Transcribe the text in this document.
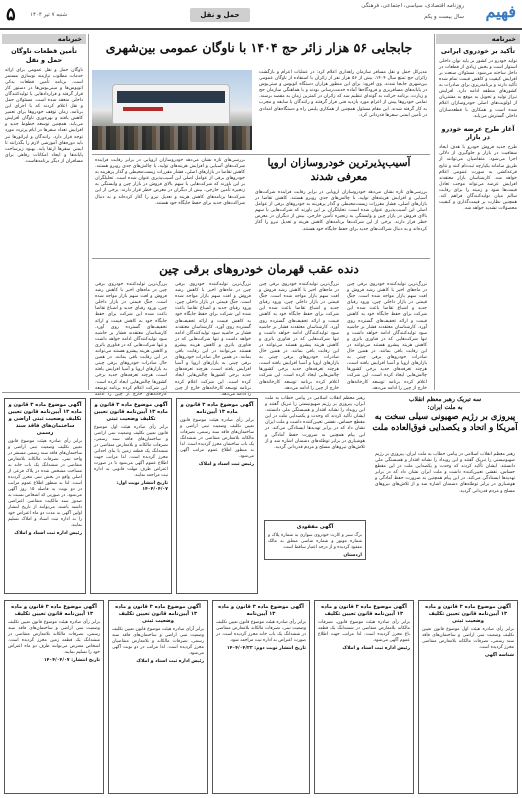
فهیم
روزنامه اقتصادی، سیاسی، اجتماعی، فرهنگی
سال بیست و یکم
حمل و نقل
شنبه ۷ تیر ۱۴۰۴
۵
خبرنامه
تأکید بر خودروی ایرانی
تولید خودرو در کشور بر پایه توان داخلی استوار است و بخش زیادی از قطعات در داخل ساخته می‌شود. مسئولان صنعت بر افزایش کیفیت و کاهش قیمت تمام شده تأکید دارند و برنامه‌ریزی برای صادرات به کشورهای منطقه ادامه دارد. افزایش تیراژ تولید و تحویل به موقع به مشتریان از اولویت‌های اصلی خودروسازان اعلام شده است و همکاری با قطعه‌سازان داخلی گسترش می‌یابد.
آغاز طرح عرضه خودرو در بازار
طرح جدید فروش خودرو با هدف ایجاد شفافیت در بازار و جلوگیری از دلالی اجرا می‌شود. متقاضیان می‌توانند از طریق سامانه یکپارچه ثبت‌نام کنند و نتایج قرعه‌کشی به صورت عمومی اعلام خواهد شد. کارشناسان بازار معتقدند افزایش عرضه می‌تواند موجب تعادل قیمت‌ها شود و زمینه را برای رقابت سالم میان تولیدکنندگان فراهم کند. همچنین نظارت بر قیمت‌گذاری و کیفیت محصولات تشدید خواهد شد.
خبرنامه
تأمین قطعات ناوگان حمل و نقل
ناوگان حمل و نقل عمومی برای ارائه خدمات مطلوب نیازمند نوسازی مستمر است. برنامه تأمین قطعات یدکی اتوبوس‌ها و مینی‌بوس‌ها در دستور کار قرار گرفته و قراردادهایی با تولیدکنندگان داخلی منعقد شده است. مسئولان حمل و نقل اعلام کردند که با اجرای این برنامه، زمان توقف خودروها برای تعمیر کاهش یافته و بهره‌وری ناوگان افزایش می‌یابد. همچنین توسعه خطوط جدید و افزایش تعداد سفرها در ایام پرتردد مورد توجه قرار دارد. رانندگان و اپراتورها نیز باید دوره‌های آموزشی لازم را بگذرانند تا ایمنی سفرها ارتقا یابد. بهبود زیرساخت پایانه‌ها و ایجاد امکانات رفاهی برای مسافران از دیگر برنامه‌هاست.
جابجایی ۵۶ هزار زائر حج ۱۴۰۴ با ناوگان عمومی بین‌شهری
مدیرکل حمل و نقل مسافر سازمان راهداری اعلام کرد: در عملیات اعزام و بازگشت زائران حج تمتع سال ۱۴۰۴، بیش از ۵۶ هزار نفر از زائران با استفاده از ناوگان عمومی بین‌شهری جابجا شدند. وی افزود: برای این منظور هزاران دستگاه اتوبوس و مینی‌بوس در پایانه‌های مسافربری و فرودگاه‌ها آماده خدمت‌رسانی بودند و با هماهنگی سازمان حج و زیارت، برنامه حرکت به گونه‌ای تنظیم شد که زائران در کمترین زمان به مقصد برسند. تمامی خودروها پیش از اعزام مورد بازدید فنی قرار گرفتند و رانندگان با سابقه و مجرب به کار گرفته شدند. این مقام مسئول همچنین از همکاری پلیس راه و دستگاه‌های امدادی در تأمین ایمنی سفرها قدردانی کرد.
آسیب‌پذیرترین خودروسازان اروپا معرفی شدند
بررسی‌های تازه نشان می‌دهد خودروسازان اروپایی در برابر رقابت فزاینده شرکت‌های آسیایی و افزایش هزینه‌های تولید، با چالش‌های جدی روبرو هستند. کاهش تقاضا در بازارهای اصلی، فشار مقررات زیست‌محیطی و گذار پرهزینه به خودروهای برقی از عوامل اصلی این آسیب‌پذیری عنوان شده است. تحلیلگران بر این باورند که شرکت‌هایی با سهم بالای فروش در بازار چین و وابستگی به زنجیره تأمین خارجی، بیش از دیگران در معرض خطر قرار دارند. برخی از این شرکت‌ها برنامه‌های کاهش هزینه و تعدیل نیرو را آغاز کرده‌اند و به دنبال شراکت‌های جدید برای حفظ جایگاه خود هستند.
بررسی‌های تازه نشان می‌دهد خودروسازان اروپایی در برابر رقابت فزاینده شرکت‌های آسیایی و افزایش هزینه‌های تولید، با چالش‌های جدی روبرو هستند. کاهش تقاضا در بازارهای اصلی، فشار مقررات زیست‌محیطی و گذار پرهزینه به خودروهای برقی از عوامل اصلی این آسیب‌پذیری عنوان شده است. تحلیلگران بر این باورند که شرکت‌هایی با سهم بالای فروش در بازار چین و وابستگی به زنجیره تأمین خارجی، بیش از دیگران در معرض خطر قرار دارند. برخی از این شرکت‌ها برنامه‌های کاهش هزینه و تعدیل نیرو را آغاز کرده‌اند و به دنبال شراکت‌های جدید برای حفظ جایگاه خود هستند.
دنده عقب قهرمان خودروهای برقی چین
بزرگ‌ترین تولیدکننده خودروی برقی چین در ماه‌های اخیر با کاهش رشد فروش و افت سهم بازار مواجه شده است. جنگ قیمتی در بازار داخلی چین، ورود رقبای جدید و اشباع تقاضا باعث شده این شرکت برای حفظ جایگاه خود به کاهش قیمت و ارائه تخفیف‌های گسترده روی آورد. کارشناسان معتقدند فشار بر حاشیه سود تولیدکنندگان ادامه خواهد داشت و تنها شرکت‌هایی که در فناوری باتری و کاهش هزینه پیشرو هستند می‌توانند در این رقابت باقی بمانند. در همین حال صادرات خودروهای برقی چینی به بازارهای اروپا و آسیا افزایش یافته است، هرچند تعرفه‌های جدید برخی کشورها چالش‌هایی ایجاد کرده است. این شرکت اعلام کرده برنامه توسعه کارخانه‌های خارج از چین را ادامه می‌دهد.
بزرگ‌ترین تولیدکننده خودروی برقی چین در ماه‌های اخیر با کاهش رشد فروش و افت سهم بازار مواجه شده است. جنگ قیمتی در بازار داخلی چین، ورود رقبای جدید و اشباع تقاضا باعث شده این شرکت برای حفظ جایگاه خود به کاهش قیمت و ارائه تخفیف‌های گسترده روی آورد. کارشناسان معتقدند فشار بر حاشیه سود تولیدکنندگان ادامه خواهد داشت و تنها شرکت‌هایی که در فناوری باتری و کاهش هزینه پیشرو هستند می‌توانند در این رقابت باقی بمانند. در همین حال صادرات خودروهای برقی چینی به بازارهای اروپا و آسیا افزایش یافته است، هرچند تعرفه‌های جدید برخی کشورها چالش‌هایی ایجاد کرده است. این شرکت اعلام کرده برنامه توسعه کارخانه‌های خارج از چین را ادامه می‌دهد.
بزرگ‌ترین تولیدکننده خودروی برقی چین در ماه‌های اخیر با کاهش رشد فروش و افت سهم بازار مواجه شده است. جنگ قیمتی در بازار داخلی چین، ورود رقبای جدید و اشباع تقاضا باعث شده این شرکت برای حفظ جایگاه خود به کاهش قیمت و ارائه تخفیف‌های گسترده روی آورد. کارشناسان معتقدند فشار بر حاشیه سود تولیدکنندگان ادامه خواهد داشت و تنها شرکت‌هایی که در فناوری باتری و کاهش هزینه پیشرو هستند می‌توانند در این رقابت باقی بمانند. در همین حال صادرات خودروهای برقی چینی به بازارهای اروپا و آسیا افزایش یافته است، هرچند تعرفه‌های جدید برخی کشورها چالش‌هایی ایجاد کرده است. این شرکت اعلام کرده برنامه توسعه کارخانه‌های خارج از چین را ادامه می‌دهد.
بزرگ‌ترین تولیدکننده خودروی برقی چین در ماه‌های اخیر با کاهش رشد فروش و افت سهم بازار مواجه شده است. جنگ قیمتی در بازار داخلی چین، ورود رقبای جدید و اشباع تقاضا باعث شده این شرکت برای حفظ جایگاه خود به کاهش قیمت و ارائه تخفیف‌های گسترده روی آورد. کارشناسان معتقدند فشار بر حاشیه سود تولیدکنندگان ادامه خواهد داشت و تنها شرکت‌هایی که در فناوری باتری و کاهش هزینه پیشرو هستند می‌توانند در این رقابت باقی بمانند. در همین حال صادرات خودروهای برقی چینی به بازارهای اروپا و آسیا افزایش یافته است، هرچند تعرفه‌های جدید برخی کشورها چالش‌هایی ایجاد کرده است. این شرکت اعلام کرده برنامه توسعه کارخانه‌های خارج از چین را ادامه
سه تبریک رهبر معظم انقلاب
به ملت ایران:
پیروزی بر رژیم صهیونی سیلی سخت به آمریکا و اتحاد و یکصدایی فوق‌العاده ملت
رهبر معظم انقلاب اسلامی در پیامی خطاب به ملت ایران، پیروزی بر رژیم صهیونیستی را تبریک گفتند و این رویداد را نشانه اقتدار و همبستگی ملی دانستند. ایشان تأکید کردند که وحدت و یکصدایی ملت در این مقطع حساس، نقشی تعیین‌کننده داشت و ملت ایران نشان داد که در برابر تهدیدها ایستادگی می‌کند. در این پیام همچنین به ضرورت حفظ آمادگی و هوشیاری در برابر توطئه‌های دشمنان اشاره شد و از تلاش‌های نیروهای مسلح و مردم قدردانی گردید.
رهبر معظم انقلاب اسلامی در پیامی خطاب به ملت ایران، پیروزی بر رژیم صهیونیستی را تبریک گفتند و این رویداد را نشانه اقتدار و همبستگی ملی دانستند. ایشان تأکید کردند که وحدت و یکصدایی ملت در این مقطع حساس، نقشی تعیین‌کننده داشت و ملت ایران نشان داد که در برابر تهدیدها ایستادگی می‌کند. در این پیام همچنین به ضرورت حفظ آمادگی و هوشیاری در برابر توطئه‌های دشمنان اشاره شد و از تلاش‌های نیروهای مسلح و مردم قدردانی گردید.
آگهی موضوع ماده ۳ قانون و ماده ۱۳ آیین‌نامه قانون تعیین تکلیف وضعیت ثبتی اراضی و ساختمان‌های فاقد سند رسمی
برابر رأی صادره هیئت موضوع قانون تعیین تکلیف وضعیت ثبتی اراضی و ساختمان‌های فاقد سند رسمی مستقر در واحد ثبتی، تصرفات مالکانه بلامعارض متقاضی در ششدانگ یک باب خانه به مساحت مشخص شده در پلاک فرعی از اصلی واقع در بخش ثبتی محرز گردیده است. لذا به منظور اطلاع عموم مراتب در دو نوبت به فاصله ۱۵ روز آگهی می‌شود. در صورتی که اشخاص نسبت به صدور سند مالکیت متقاضی اعتراضی داشته باشند، می‌توانند از تاریخ انتشار اولین آگهی به مدت دو ماه اعتراض خود را به اداره ثبت اسناد و املاک تسلیم نمایند.
رئیس اداره ثبت اسناد و املاک
آگهی موضوع ماده ۳ قانون و ماده ۱۳ آیین‌نامه قانون تعیین تکلیف وضعیت ثبتی
برابر رأی صادره هیئت اول موضوع قانون تعیین تکلیف وضعیت ثبتی اراضی و ساختمان‌های فاقد سند رسمی، تصرفات مالکانه و بلامعارض متقاضی در ششدانگ یک قطعه زمین با بنای احداثی محرز گردیده است. لذا مراتب جهت اطلاع عموم آگهی می‌شود تا در صورت اعتراض ظرف مهلت قانونی به اداره ثبت مراجعه نمایند.
تاریخ انتشار نوبت اول: ۱۴۰۴/۰۴/۰۷
آگهی موضوع ماده ۳ قانون و ماده ۱۳ آیین‌نامه
برابر رأی صادره هیئت موضوع قانون تعیین تکلیف وضعیت ثبتی اراضی و ساختمان‌های فاقد سند رسمی، تصرفات مالکانه بلامعارض متقاضی در ششدانگ یک باب ساختمان محرز گردیده است. لذا به منظور اطلاع عموم مراتب آگهی می‌شود.
رئیس ثبت اسناد و املاک
آگهی مفقودی
برگ سبز و کارت خودروی سواری به شماره پلاک و شماره موتور و شماره شاسی متعلق به مالک مفقود گردیده و از درجه اعتبار ساقط است.
اردستان
آگهی موضوع ماده ۳ قانون و ماده ۱۳ آیین‌نامه قانون تعیین تکلیف
برابر رأی صادره هیئت موضوع قانون تعیین تکلیف وضعیت ثبتی اراضی و ساختمان‌های فاقد سند رسمی، تصرفات مالکانه بلامعارض متقاضی در ششدانگ یک قطعه زمین محرز گردیده است. اشخاص معترض می‌توانند ظرف دو ماه اعتراض خود را تسلیم نمایند.
تاریخ انتشار: ۱۴۰۴/۰۴/۰۷
آگهی موضوع ماده ۳ قانون و ماده ۱۳ آیین‌نامه قانون تعیین تکلیف وضعیت ثبتی
برابر آرای صادره هیئت موضوع قانون تعیین تکلیف وضعیت ثبتی اراضی و ساختمان‌های فاقد سند رسمی، تصرفات مالکانه و بلامعارض متقاضیان محرز گردیده است. لذا مراتب در دو نوبت آگهی می‌شود.
رئیس اداره ثبت اسناد و املاک
آگهی موضوع ماده ۳ قانون و ماده ۱۳ آیین‌نامه
برابر رأی صادره هیئت موضوع قانون تعیین تکلیف وضعیت ثبتی، تصرفات مالکانه بلامعارض متقاضی در ششدانگ یک باب خانه محرز گردیده است. در صورت اعتراض به اداره ثبت مراجعه شود.
تاریخ انتشار نوبت دوم: ۱۴۰۴/۰۴/۲۲
آگهی موضوع ماده ۳ قانون و ماده ۱۳ آیین‌نامه قانون تعیین تکلیف
برابر رأی صادره هیئت موضوع قانون، تصرفات مالکانه بلامعارض متقاضی در ششدانگ یک قطعه باغ محرز گردیده است. لذا مراتب جهت اطلاع عموم آگهی می‌شود.
رئیس اداره ثبت اسناد و املاک
آگهی موضوع ماده ۳ قانون و ماده ۱۳ آیین‌نامه قانون تعیین تکلیف وضعیت ثبتی
برابر رأی صادره هیئت اول موضوع قانون تعیین تکلیف وضعیت ثبتی اراضی و ساختمان‌های فاقد سند رسمی، تصرفات مالکانه بلامعارض متقاضی محرز گردیده است.
شناسه آگهی
